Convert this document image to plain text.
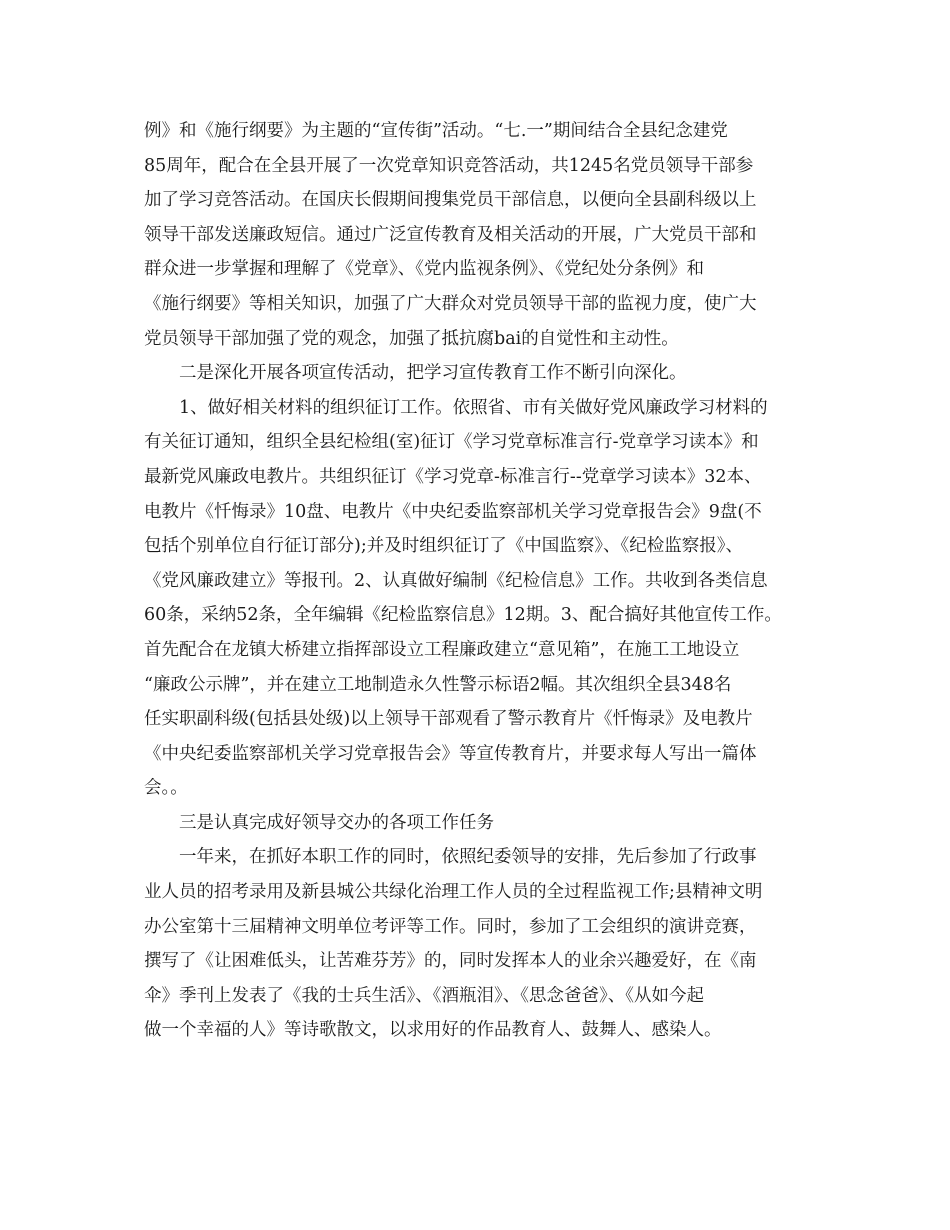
例》和《施行纲要》为主题的“宣传街”活动。“七.一”期间结合全县纪念建党
85周年，配合在全县开展了一次党章知识竞答活动，共1245名党员领导干部参
加了学习竞答活动。在国庆长假期间搜集党员干部信息，以便向全县副科级以上
领导干部发送廉政短信。通过广泛宣传教育及相关活动的开展，广大党员干部和
群众进一步掌握和理解了《党章》、《党内监视条例》、《党纪处分条例》和
《施行纲要》等相关知识，加强了广大群众对党员领导干部的监视力度，使广大
党员领导干部加强了党的观念，加强了抵抗腐bai的自觉性和主动性。
二是深化开展各项宣传活动，把学习宣传教育工作不断引向深化。
1、做好相关材料的组织征订工作。依照省、市有关做好党风廉政学习材料的
有关征订通知，组织全县纪检组(室)征订《学习党章标准言行-党章学习读本》和
最新党风廉政电教片。共组织征订《学习党章-标准言行--党章学习读本》32本、
电教片《忏悔录》10盘、电教片《中央纪委监察部机关学习党章报告会》9盘(不
包括个别单位自行征订部分);并及时组织征订了《中国监察》、《纪检监察报》、
《党风廉政建立》等报刊。2、认真做好编制《纪检信息》工作。共收到各类信息
60条，采纳52条，全年编辑《纪检监察信息》12期。3、配合搞好其他宣传工作。
首先配合在龙镇大桥建立指挥部设立工程廉政建立“意见箱”，在施工工地设立
“廉政公示牌”，并在建立工地制造永久性警示标语2幅。其次组织全县348名
任实职副科级(包括县处级)以上领导干部观看了警示教育片《忏悔录》及电教片
《中央纪委监察部机关学习党章报告会》等宣传教育片，并要求每人写出一篇体
会。。
三是认真完成好领导交办的各项工作任务
一年来，在抓好本职工作的同时，依照纪委领导的安排，先后参加了行政事
业人员的招考录用及新县城公共绿化治理工作人员的全过程监视工作;县精神文明
办公室第十三届精神文明单位考评等工作。同时，参加了工会组织的演讲竞赛，
撰写了《让困难低头，让苦难芬芳》的，同时发挥本人的业余兴趣爱好，在《南
伞》季刊上发表了《我的士兵生活》、《酒瓶泪》、《思念爸爸》、《从如今起
做一个幸福的人》等诗歌散文，以求用好的作品教育人、鼓舞人、感染人。
